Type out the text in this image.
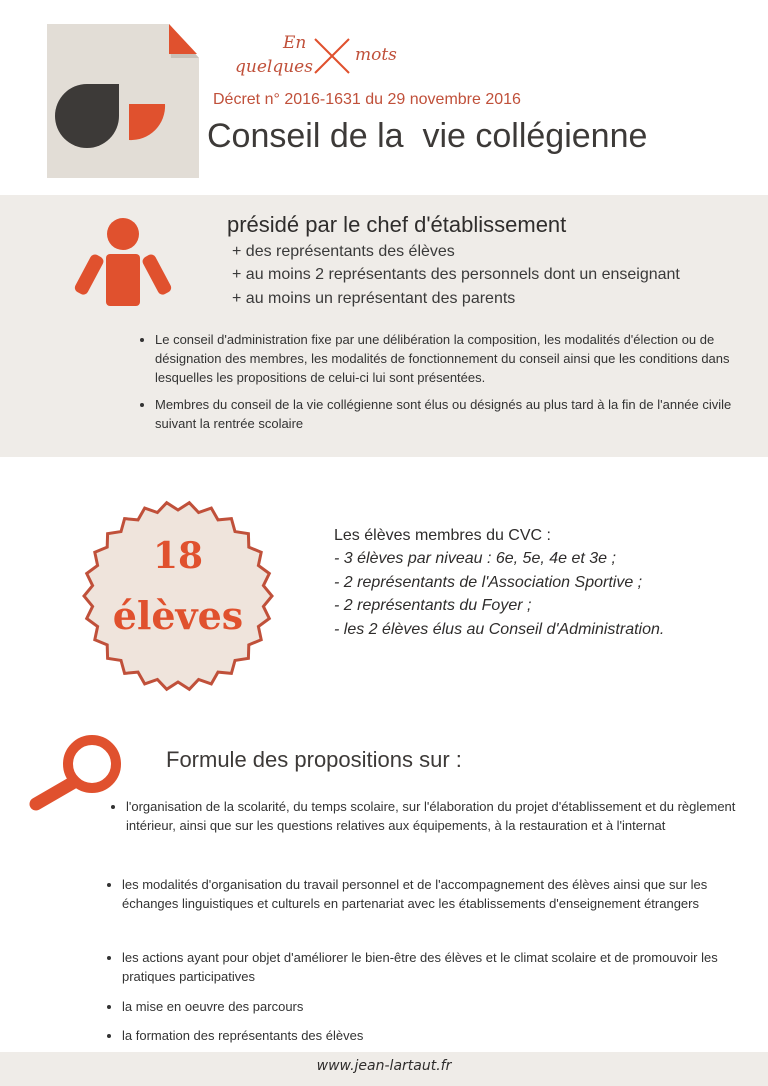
En
quelques
mots
Décret n° 2016-1631 du 29 novembre 2016
Conseil de la  vie collégienne
présidé par le chef d'établissement
+ des représentants des élèves
+ au moins 2 représentants des personnels dont un enseignant
+ au moins un représentant des parents
• Le conseil d'administration fixe par une délibération la composition, les modalités d'élection ou de désignation des membres, les modalités de fonctionnement du conseil ainsi que les conditions dans lesquelles les propositions de celui-ci lui sont présentées.
• Membres du conseil de la vie collégienne sont élus ou désignés au plus tard à la fin de l'année civile suivant la rentrée scolaire
18
élèves
Les élèves membres du CVC :
- 3 élèves par niveau : 6e, 5e, 4e et 3e ;
- 2 représentants de l'Association Sportive ;
- 2 représentants du Foyer ;
- les 2 élèves élus au Conseil d'Administration.
Formule des propositions sur :
• l'organisation de la scolarité, du temps scolaire, sur l'élaboration du projet d'établissement et du règlement intérieur, ainsi que sur les questions relatives aux équipements, à la restauration et à l'internat
• les modalités d'organisation du travail personnel et de l'accompagnement des élèves ainsi que sur les échanges linguistiques et culturels en partenariat avec les établissements d'enseignement étrangers
• les actions ayant pour objet d'améliorer le bien-être des élèves et le climat scolaire et de promouvoir les pratiques participatives
• la mise en oeuvre des parcours
• la formation des représentants des élèves
www.jean-lartaut.fr
